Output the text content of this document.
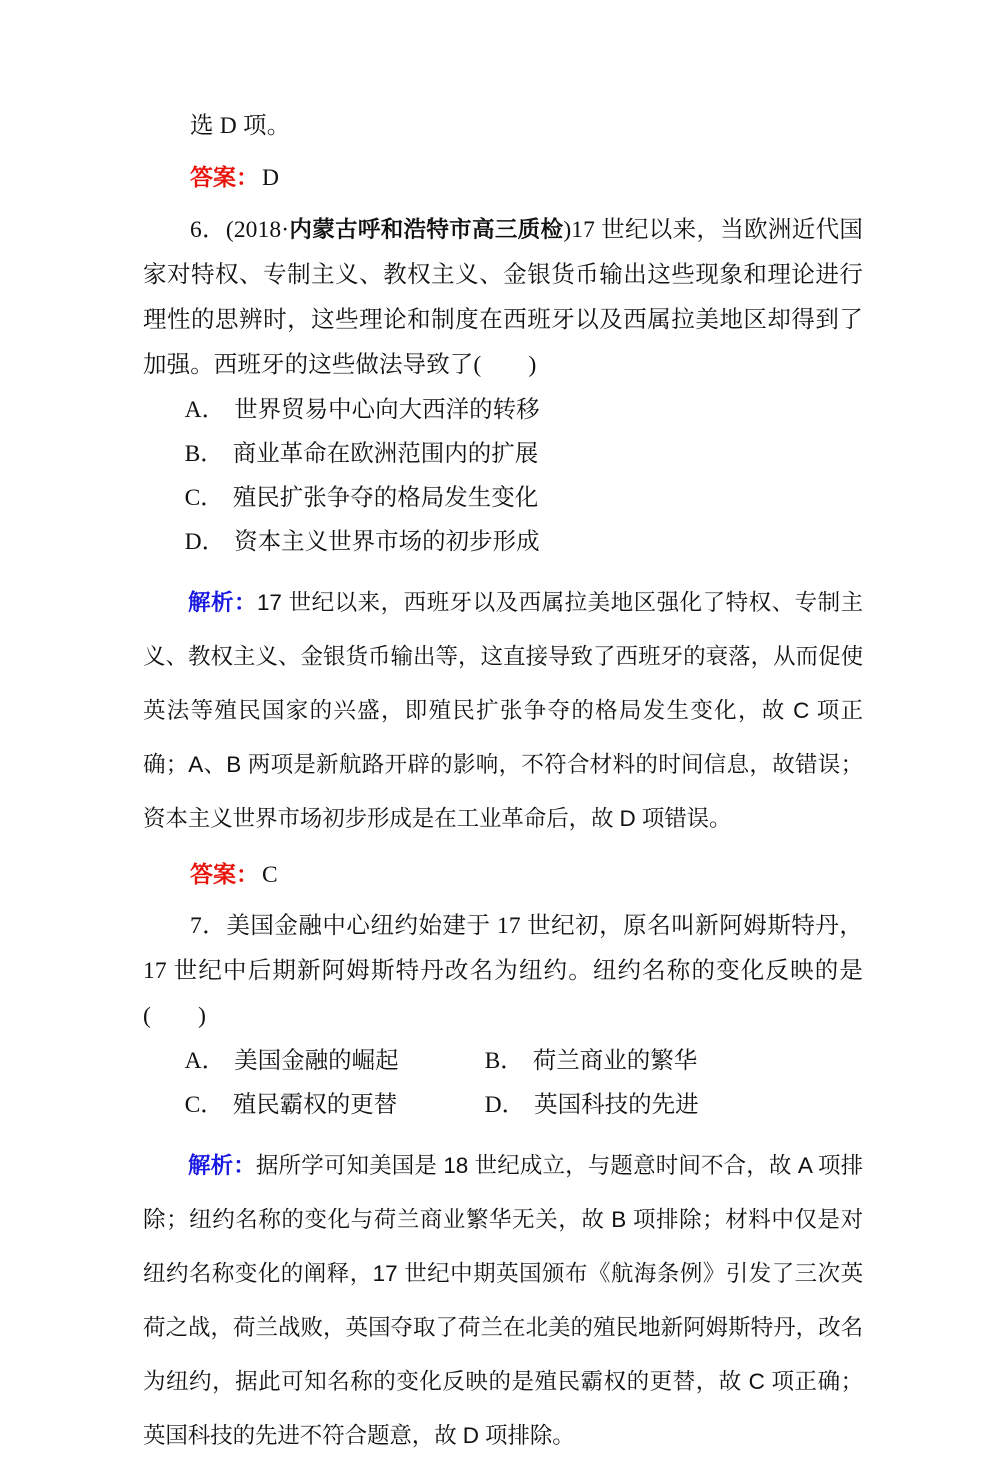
选 D 项。
答案： D
6．(2018·内蒙古呼和浩特市高三质检)17 世纪以来，当欧洲近代国家对特权、专制主义、教权主义、金银货币输出这些现象和理论进行理性的思辨时，这些理论和制度在西班牙以及西属拉美地区却得到了加强。西班牙的这些做法导致了(　　)
A． 世界贸易中心向大西洋的转移
B． 商业革命在欧洲范围内的扩展
C． 殖民扩张争夺的格局发生变化
D． 资本主义世界市场的初步形成
解析：17 世纪以来，西班牙以及西属拉美地区强化了特权、专制主义、教权主义、金银货币输出等，这直接导致了西班牙的衰落，从而促使英法等殖民国家的兴盛，即殖民扩张争夺的格局发生变化，故 C 项正确；A、B 两项是新航路开辟的影响，不符合材料的时间信息，故错误；资本主义世界市场初步形成是在工业革命后，故 D 项错误。
答案： C
7．美国金融中心纽约始建于 17 世纪初，原名叫新阿姆斯特丹，17 世纪中后期新阿姆斯特丹改名为纽约。纽约名称的变化反映的是(　　)
A． 美国金融的崛起	B． 荷兰商业的繁华
C． 殖民霸权的更替	D． 英国科技的先进
解析：据所学可知美国是 18 世纪成立，与题意时间不合，故 A 项排除；纽约名称的变化与荷兰商业繁华无关，故 B 项排除；材料中仅是对纽约名称变化的阐释，17 世纪中期英国颁布《航海条例》引发了三次英荷之战，荷兰战败，英国夺取了荷兰在北美的殖民地新阿姆斯特丹，改名为纽约，据此可知名称的变化反映的是殖民霸权的更替，故 C 项正确；英国科技的先进不符合题意，故 D 项排除。
